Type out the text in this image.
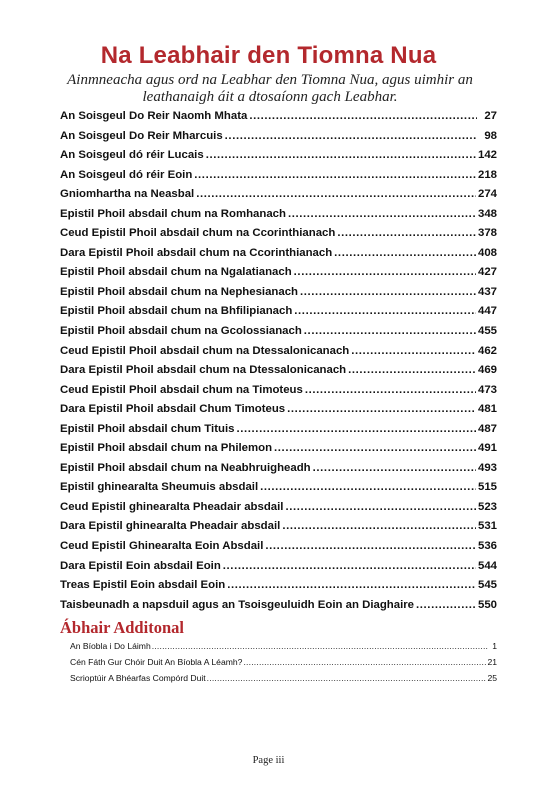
Na Leabhair den Tiomna Nua
Ainmneacha agus ord na Leabhar den Tiomna Nua, agus uimhir an leathanaigh áit a dtosaíonn gach Leabhar.
An Soisgeul Do Reir Naomh Mhata .....	27
An Soisgeul Do Reir Mharcuis .....	98
An Soisgeul dó réir Lucais .....	142
An Soisgeul dó réir Eoin .....	218
Gniomhartha na Neasbal .....	274
Epistil Phoil absdail chum na Romhanach .....	348
Ceud Epistil Phoil absdail chum na Ccorinthianach .....	378
Dara Epistil Phoil absdail chum na Ccorinthianach .....	408
Epistil Phoil absdail chum na Ngalatianach .....	427
Epistil Phoil absdail chum na Nephesianach .....	437
Epistil Phoil absdail chum na Bhfilipianach .....	447
Epistil Phoil absdail chum na Gcolossianach .....	455
Ceud Epistil Phoil absdail chum na Dtessalonicanach .....	462
Dara Epistil Phoil absdail chum na Dtessalonicanach .....	469
Ceud Epistil Phoil absdail chum na Timoteus .....	473
Dara Epistil Phoil absdail Chum Timoteus .....	481
Epistil Phoil absdail chum Tituis .....	487
Epistil Phoil absdail chum na Philemon .....	491
Epistil Phoil absdail chum na Neabhruigheadh .....	493
Epistil ghinearalta Sheumuis absdail .....	515
Ceud Epistil ghinearalta Pheadair absdail .....	523
Dara Epistil ghinearalta Pheadair absdail .....	531
Ceud Epistil Ghinearalta Eoin Absdail .....	536
Dara Epistil Eoin absdail Eoin .....	544
Treas Epistil Eoin absdail Eoin .....	545
Taisbeunadh a napsduil agus an Tsoisgeuluidh Eoin an Diaghaire .....	550
Ábhair Additonal
An Bíobla i Do Láimh .....	1
Cén Fáth Gur Chóir Duit An Bíobla A Léamh? .....	21
Scrioptúir A Bhéarfas Compórd Duit .....	25
Page iii
